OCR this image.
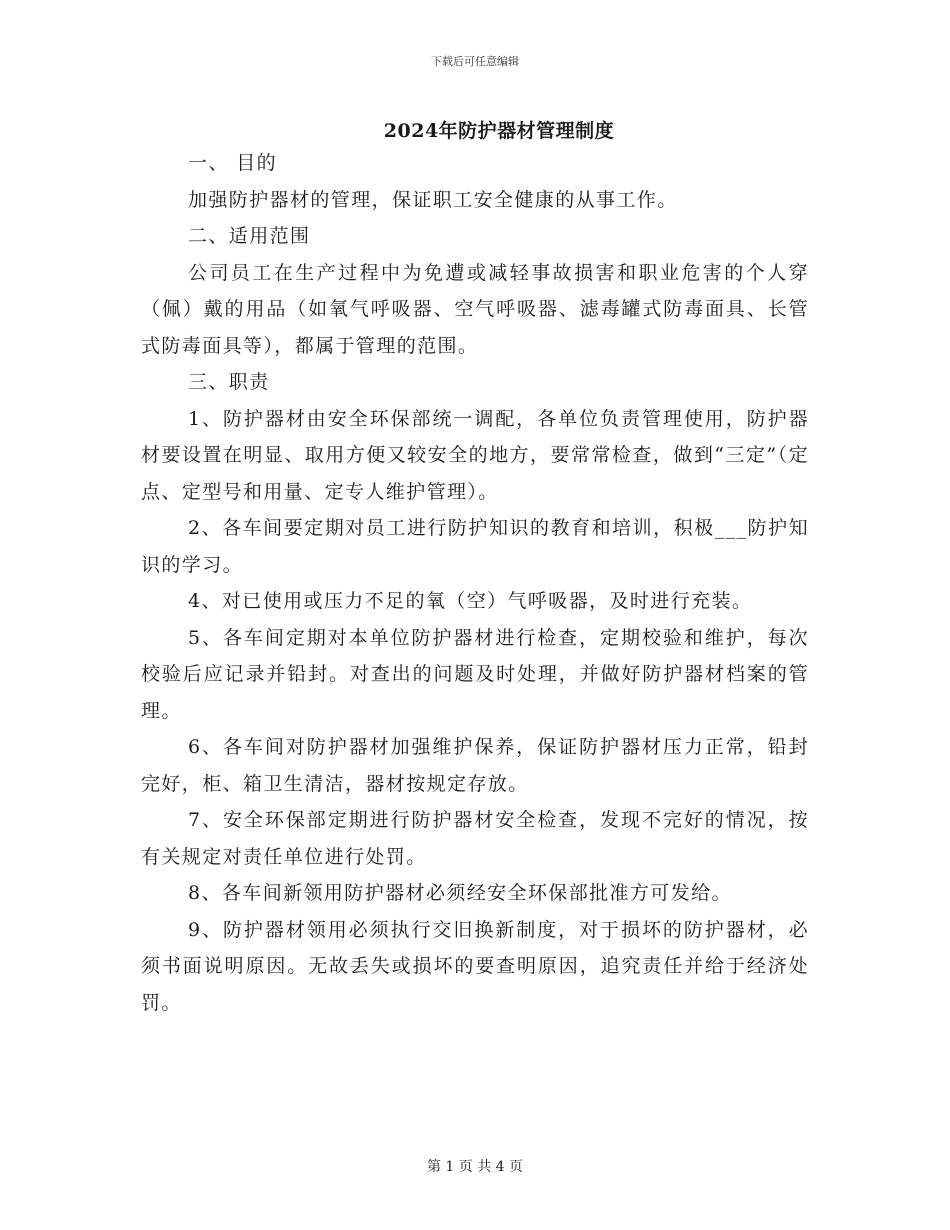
下载后可任意编辑
2024年防护器材管理制度

一、 目的

加强防护器材的管理，保证职工安全健康的从事工作。

二、适用范围

公司员工在生产过程中为免遭或减轻事故损害和职业危害的个人穿（佩）戴的用品（如氧气呼吸器、空气呼吸器、滤毒罐式防毒面具、长管式防毒面具等），都属于管理的范围。

三、职责

1、防护器材由安全环保部统一调配，各单位负责管理使用，防护器材要设置在明显、取用方便又较安全的地方，要常常检查，做到“三定”（定点、定型号和用量、定专人维护管理）。

2、各车间要定期对员工进行防护知识的教育和培训，积极___防护知识的学习。

4、对已使用或压力不足的氧（空）气呼吸器，及时进行充装。

5、各车间定期对本单位防护器材进行检查，定期校验和维护，每次校验后应记录并铅封。对查出的问题及时处理，并做好防护器材档案的管理。

6、各车间对防护器材加强维护保养，保证防护器材压力正常，铅封完好，柜、箱卫生清洁，器材按规定存放。

7、安全环保部定期进行防护器材安全检查，发现不完好的情况，按有关规定对责任单位进行处罚。

8、各车间新领用防护器材必须经安全环保部批准方可发给。

9、防护器材领用必须执行交旧换新制度，对于损坏的防护器材，必须书面说明原因。无故丢失或损坏的要查明原因，追究责任并给于经济处罚。

第 1 页 共 4 页
